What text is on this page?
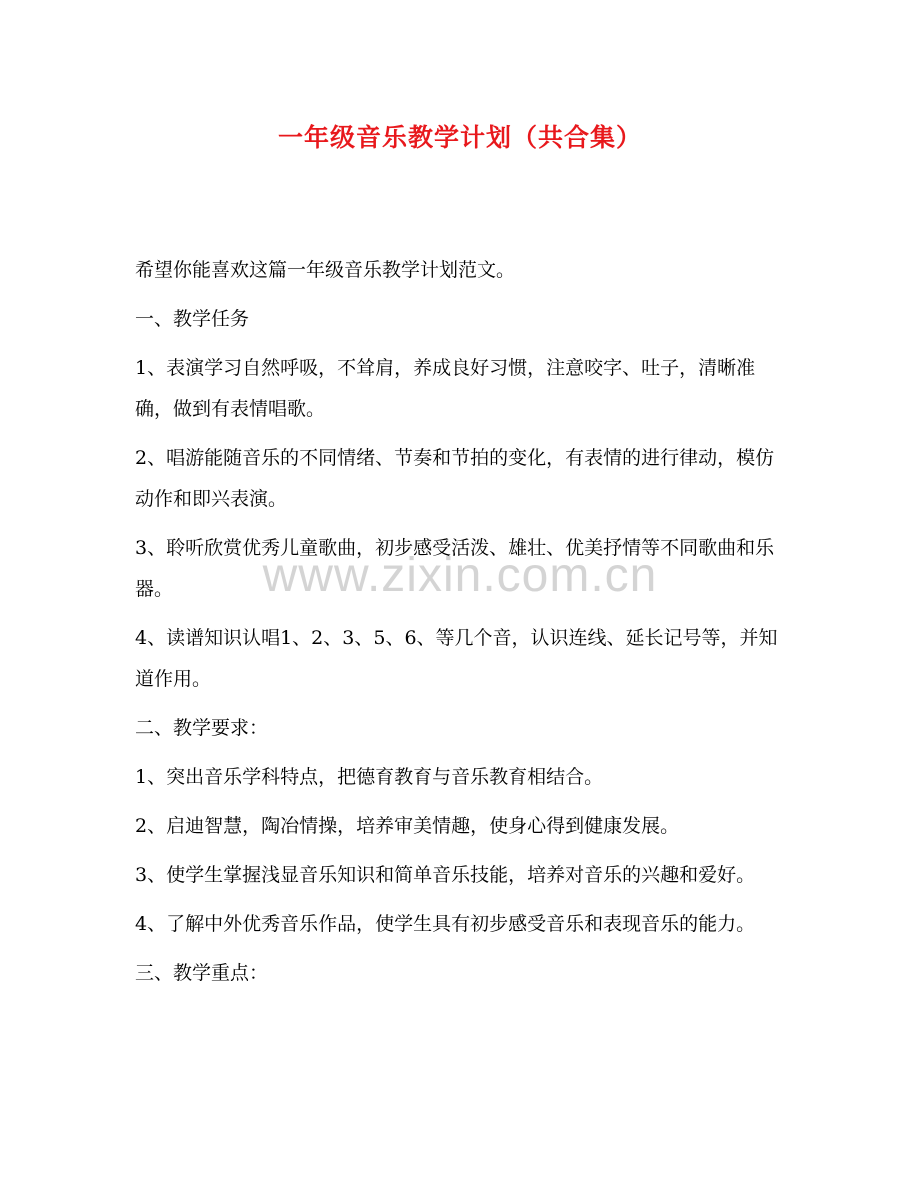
一年级音乐教学计划（共合集）

希望你能喜欢这篇一年级音乐教学计划范文。

一、教学任务

1、表演学习自然呼吸，不耸肩，养成良好习惯，注意咬字、吐子，清晰准确，做到有表情唱歌。

2、唱游能随音乐的不同情绪、节奏和节拍的变化，有表情的进行律动，模仿动作和即兴表演。

3、聆听欣赏优秀儿童歌曲，初步感受活泼、雄壮、优美抒情等不同歌曲和乐器。

4、读谱知识认唱1、2、3、5、6、等几个音，认识连线、延长记号等，并知道作用。

二、教学要求：

1、突出音乐学科特点，把德育教育与音乐教育相结合。

2、启迪智慧，陶冶情操，培养审美情趣，使身心得到健康发展。

3、使学生掌握浅显音乐知识和简单音乐技能，培养对音乐的兴趣和爱好。

4、了解中外优秀音乐作品，使学生具有初步感受音乐和表现音乐的能力。

三、教学重点：

www.zixin.com.cn
